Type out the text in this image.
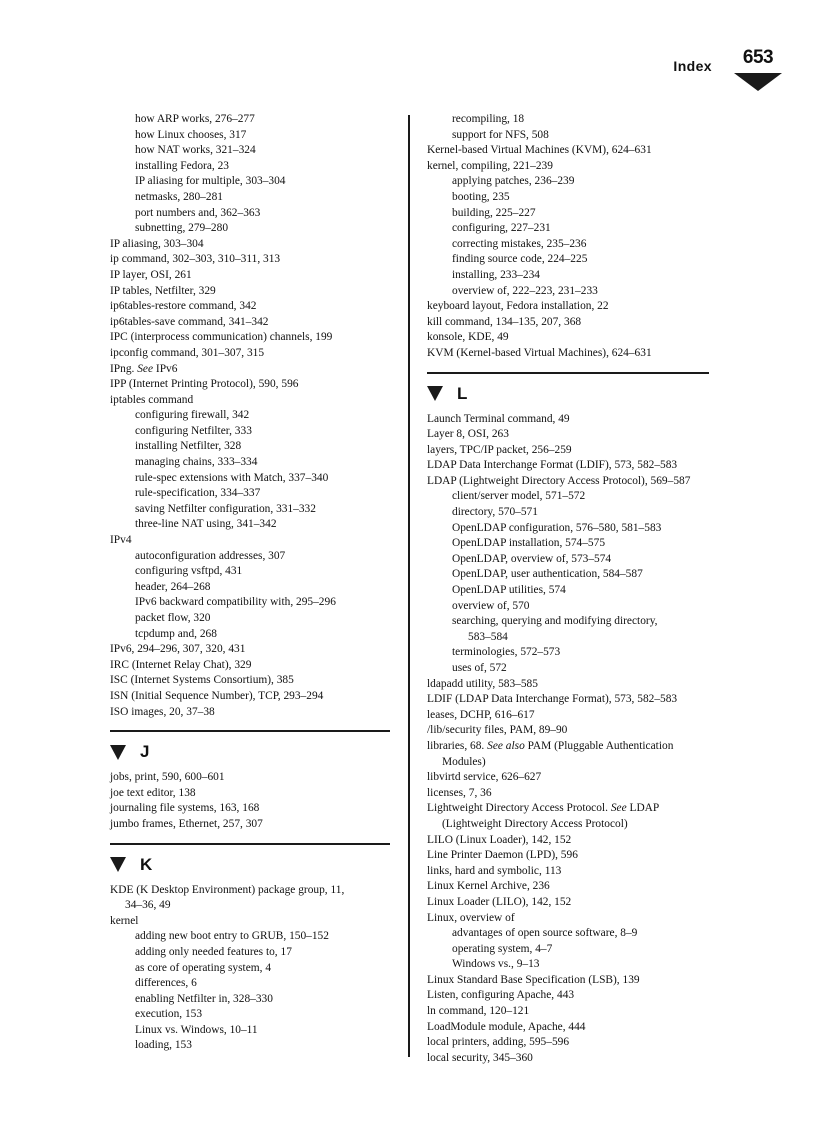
Index	653
how ARP works, 276–277
how Linux chooses, 317
how NAT works, 321–324
installing Fedora, 23
IP aliasing for multiple, 303–304
netmasks, 280–281
port numbers and, 362–363
subnetting, 279–280
IP aliasing, 303–304
ip command, 302–303, 310–311, 313
IP layer, OSI, 261
IP tables, Netfilter, 329
ip6tables-restore command, 342
ip6tables-save command, 341–342
IPC (interprocess communication) channels, 199
ipconfig command, 301–307, 315
IPng. See IPv6
IPP (Internet Printing Protocol), 590, 596
iptables command
configuring firewall, 342
configuring Netfilter, 333
installing Netfilter, 328
managing chains, 333–334
rule-spec extensions with Match, 337–340
rule-specification, 334–337
saving Netfilter configuration, 331–332
three-line NAT using, 341–342
IPv4
autoconfiguration addresses, 307
configuring vsftpd, 431
header, 264–268
IPv6 backward compatibility with, 295–296
packet flow, 320
tcpdump and, 268
IPv6, 294–296, 307, 320, 431
IRC (Internet Relay Chat), 329
ISC (Internet Systems Consortium), 385
ISN (Initial Sequence Number), TCP, 293–294
ISO images, 20, 37–38
J
jobs, print, 590, 600–601
joe text editor, 138
journaling file systems, 163, 168
jumbo frames, Ethernet, 257, 307
K
KDE (K Desktop Environment) package group, 11,
34–36, 49
kernel
adding new boot entry to GRUB, 150–152
adding only needed features to, 17
as core of operating system, 4
differences, 6
enabling Netfilter in, 328–330
execution, 153
Linux vs. Windows, 10–11
loading, 153
recompiling, 18
support for NFS, 508
Kernel-based Virtual Machines (KVM), 624–631
kernel, compiling, 221–239
applying patches, 236–239
booting, 235
building, 225–227
configuring, 227–231
correcting mistakes, 235–236
finding source code, 224–225
installing, 233–234
overview of, 222–223, 231–233
keyboard layout, Fedora installation, 22
kill command, 134–135, 207, 368
konsole, KDE, 49
KVM (Kernel-based Virtual Machines), 624–631
L
Launch Terminal command, 49
Layer 8, OSI, 263
layers, TPC/IP packet, 256–259
LDAP Data Interchange Format (LDIF), 573, 582–583
LDAP (Lightweight Directory Access Protocol), 569–587
client/server model, 571–572
directory, 570–571
OpenLDAP configuration, 576–580, 581–583
OpenLDAP installation, 574–575
OpenLDAP, overview of, 573–574
OpenLDAP, user authentication, 584–587
OpenLDAP utilities, 574
overview of, 570
searching, querying and modifying directory,
583–584
terminologies, 572–573
uses of, 572
ldapadd utility, 583–585
LDIF (LDAP Data Interchange Format), 573, 582–583
leases, DCHP, 616–617
/lib/security files, PAM, 89–90
libraries, 68. See also PAM (Pluggable Authentication
Modules)
libvirtd service, 626–627
licenses, 7, 36
Lightweight Directory Access Protocol. See LDAP
(Lightweight Directory Access Protocol)
LILO (Linux Loader), 142, 152
Line Printer Daemon (LPD), 596
links, hard and symbolic, 113
Linux Kernel Archive, 236
Linux Loader (LILO), 142, 152
Linux, overview of
advantages of open source software, 8–9
operating system, 4–7
Windows vs., 9–13
Linux Standard Base Specification (LSB), 139
Listen, configuring Apache, 443
ln command, 120–121
LoadModule module, Apache, 444
local printers, adding, 595–596
local security, 345–360
